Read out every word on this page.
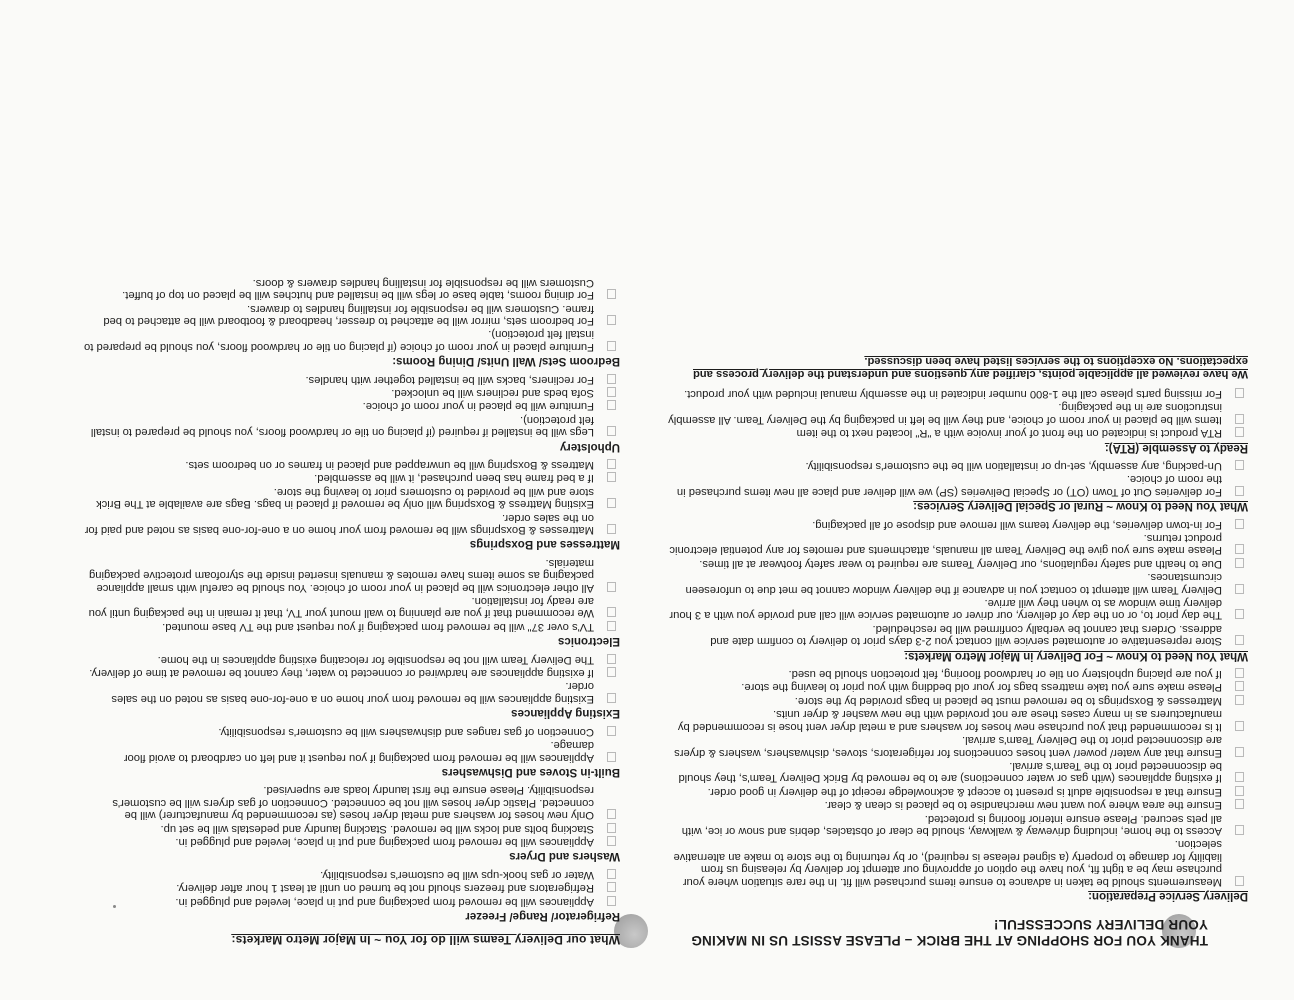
THANK YOU FOR SHOPPING AT THE BRICK – PLEASE ASSIST US IN MAKING YOUR DELIVERY SUCCESSFUL!
Delivery Service Preparation:
Measurements should be taken in advance to ensure items purchased will fit. In the rare situation where your purchase may be a tight fit, you have the option of approving our attempt for delivery by releasing us from liability for damage to property (a signed release is required), or by returning to the store to make an alternative selection.
Access to the home, including driveway & walkway, should be clear of obstacles, debris and snow or ice, with all pets secured. Please ensure interior flooring is protected.
Ensure the area where you want new merchandise to be placed is clean & clear.
Ensure that a responsible adult is present to accept & acknowledge receipt of the delivery in good order.
If existing appliances (with gas or water connections) are to be removed by Brick Delivery Team's, they should be disconnected prior to the Team's arrival.
Ensure that any water/ power/ vent hoses connections for refrigerators, stoves, dishwashers, washers & dryers are disconnected prior to the Delivery Team's arrival.
It is recommended that you purchase new hoses for washers and a metal dryer vent hose is recommended by manufacturers as in many cases these are not provided with the new washer & dryer units.
Mattresses & Boxsprings to be removed must be placed in bags provided by the store.
Please make sure you take mattress bags for your old bedding with you prior to leaving the store.
If you are placing upholstery on tile or hardwood flooring, felt protection should be used.
What You Need to Know ~ For Delivery in Major Metro Markets:
Store representative or automated service will contact you 2-3 days prior to delivery to confirm date and address. Orders that cannot be verbally confirmed will be rescheduled.
The day prior to, or on the day of delivery, our driver or automated service will call and provide you with a 3 hour delivery time window as to when they will arrive.
Delivery Team will attempt to contact you in advance if the delivery window cannot be met due to unforeseen circumstances.
Due to health and safety regulations, our Delivery Teams are required to wear safety footwear at all times.
Please make sure you give the Delivery Team all manuals, attachments and remotes for any potential electronic product returns.
For in-town deliveries, the delivery teams will remove and dispose of all packaging.
What You Need to Know ~ Rural or Special Delivery Services:
For deliveries Out of Town (OT) or Special Deliveries (SP) we will deliver and place all new items purchased in the room of choice.
Un-packing, any assembly, set-up or installation will be the customer's responsibility.
Ready to Assemble (RTA):
RTA product is indicated on the front of your invoice with a "R" located next to the item
Items will be placed in your room of choice, and they will be left in packaging by the Delivery Team. All assembly instructions are in the packaging.
For missing parts please call the 1-800 number indicated in the assembly manual included with your product.
We have reviewed all applicable points, clarified any questions and understand the delivery process and expectations. No exceptions to the services listed have been discussed.
What our Delivery Teams will do for You ~ In Major Metro Markets:
Refrigerator/ Range/ Freezer
Appliances will be removed from packaging and put in place, leveled and plugged in.
Refrigerators and freezers should not be turned on until at least 1 hour after delivery.
Water or gas hook-ups will be customer's responsibility.
Washers and Dryers
Appliances will be removed from packaging and put in place, leveled and plugged in.
Stacking bolts and locks will be removed. Stacking laundry and pedestals will be set up.
Only new hoses for washers and metal dryer hoses (as recommended by manufacturer) will be connected. Plastic dryer hoses will not be connected. Connection of gas dryers will be customer's responsibility. Please ensure the first laundry loads are supervised.
Built-in Stoves and Dishwashers
Appliances will be removed from packaging if you request it and left on cardboard to avoid floor damage.
Connection of gas ranges and dishwashers will be customer's responsibility.
Existing Appliances
Existing appliances will be removed from your home on a one-for-one basis as noted on the sales order.
If existing appliances are hardwired or connected to water, they cannot be removed at time of delivery.
The Delivery Team will not be responsible for relocating existing appliances in the home.
Electronics
TV's over 37" will be removed from packaging if you request and the TV base mounted.
We recommend that if you are planning to wall mount your TV, that it remain in the packaging until you are ready for installation.
All other electronics will be placed in your room of choice. You should be careful with small appliance packaging as some items have remotes & manuals inserted inside the styrofoam protective packaging materials.
Mattresses and Boxsprings
Mattresses & Boxsprings will be removed from your home on a one-for-one basis as noted and paid for on the sales order.
Existing Mattress & Boxspring will only be removed if placed in bags. Bags are available at The Brick store and will be provided to customers prior to leaving the store.
If a bed frame has been purchased, it will be assembled.
Mattress & Boxspring will be unwrapped and placed in frames or on bedroom sets.
Upholstery
Legs will be installed if required (if placing on tile or hardwood floors, you should be prepared to install felt protection).
Furniture will be placed in your room of choice.
Sofa beds and recliners will be unlocked.
For recliners, backs will be installed together with handles.
Bedroom Sets/ Wall Units/ Dining Rooms:
Furniture placed in your room of choice (if placing on tile or hardwood floors, you should be prepared to install felt protection).
For bedroom sets, mirror will be attached to dresser, headboard & footboard will be attached to bed frame. Customers will be responsible for installing handles to drawers.
For dining rooms, table base or legs will be installed and hutches will be placed on top of buffet. Customers will be responsible for installing handles drawers & doors.
